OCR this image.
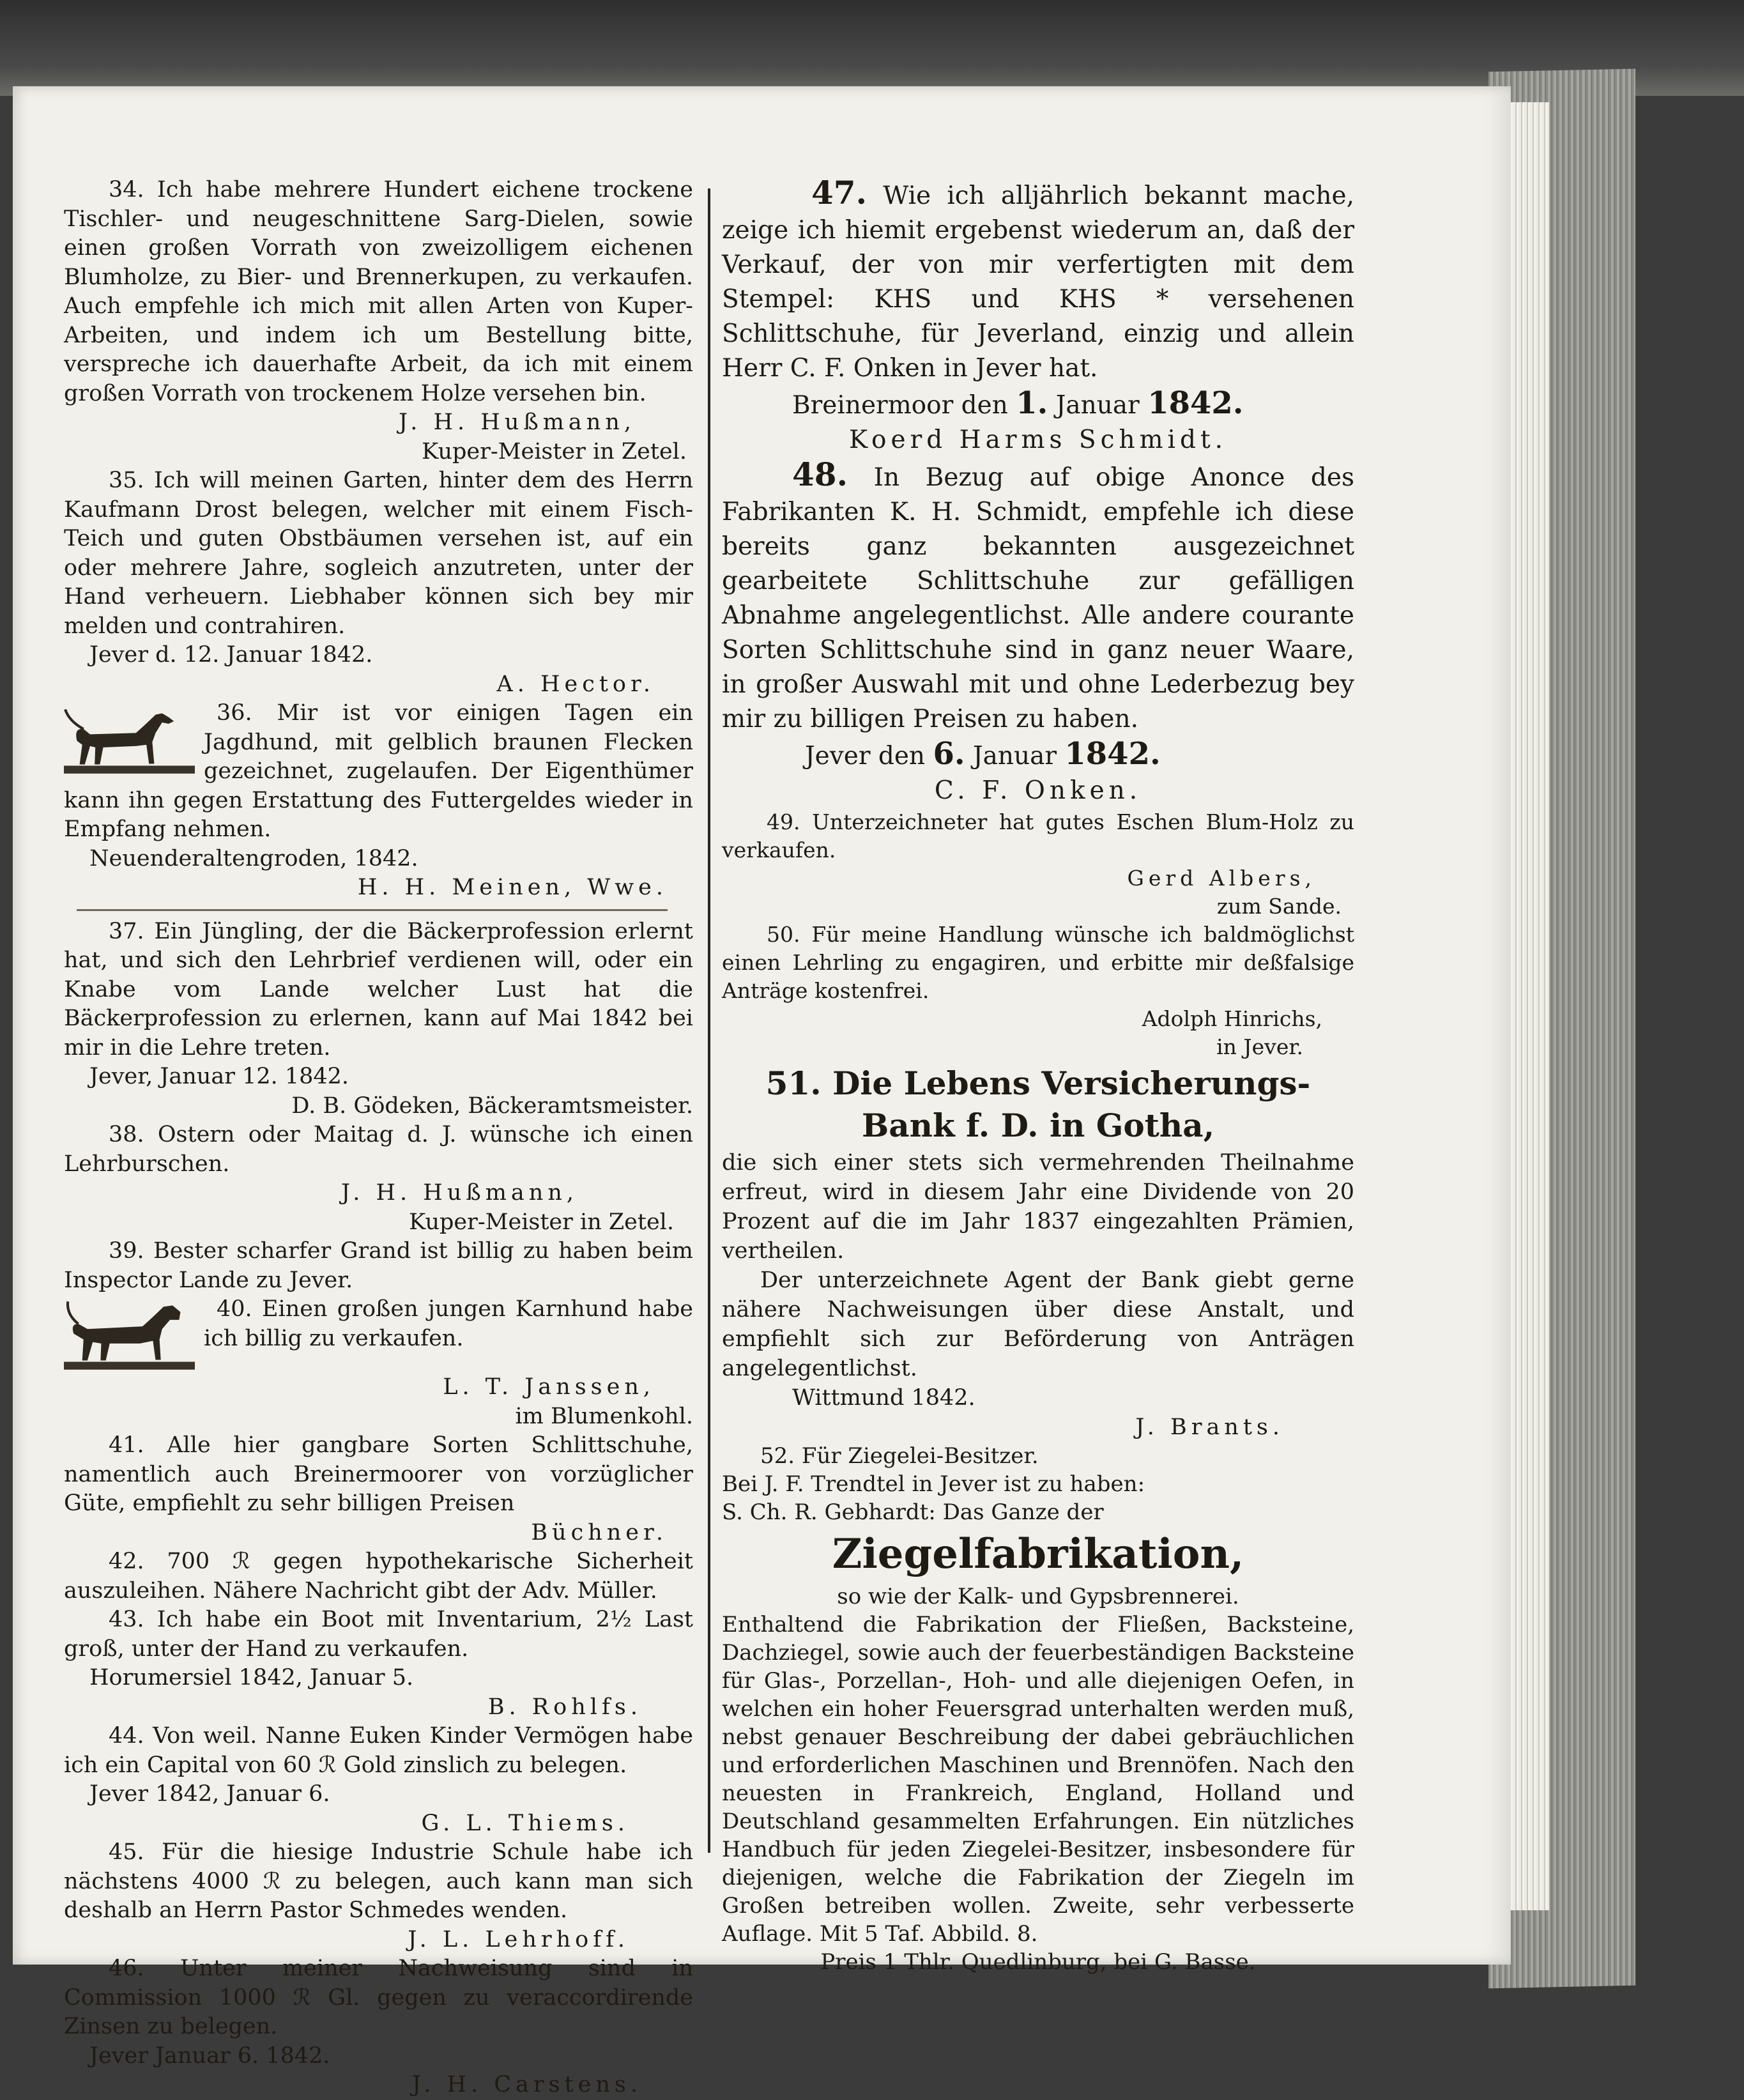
34. Ich habe mehrere Hundert eichene trockene Tischler- und neugeschnittene Sarg-Dielen, sowie einen großen Vorrath von zweizolligem eichenen Blumholze, zu Bier- und Brennerkupen, zu verkaufen. Auch empfehle ich mich mit allen Arten von Kuper-Arbeiten, und indem ich um Bestellung bitte, verspreche ich dauerhafte Arbeit, da ich mit einem großen Vorrath von trockenem Holze versehen bin.

J. H. Hußmann,

Kuper-Meister in Zetel.

35. Ich will meinen Garten, hinter dem des Herrn Kaufmann Drost belegen, welcher mit einem Fisch-Teich und guten Obstbäumen versehen ist, auf ein oder mehrere Jahre, sogleich anzutreten, unter der Hand verheuern. Liebhaber können sich bey mir melden und contrahiren.

Jever d. 12. Januar 1842.

A. Hector.

36. Mir ist vor einigen Tagen ein Jagdhund, mit gelblich braunen Flecken gezeichnet, zugelaufen. Der Eigenthümer kann ihn gegen Erstattung des Futtergeldes wieder in Empfang nehmen.

Neuenderaltengroden, 1842.

H. H. Meinen, Wwe.

37. Ein Jüngling, der die Bäckerprofession erlernt hat, und sich den Lehrbrief verdienen will, oder ein Knabe vom Lande welcher Lust hat die Bäckerprofession zu erlernen, kann auf Mai 1842 bei mir in die Lehre treten.

Jever, Januar 12. 1842.

D. B. Gödeken, Bäckeramtsmeister.

38. Ostern oder Maitag d. J. wünsche ich einen Lehrburschen.

J. H. Hußmann,

Kuper-Meister in Zetel.

39. Bester scharfer Grand ist billig zu haben beim Inspector Lande zu Jever.

40. Einen großen jungen Karnhund habe ich billig zu verkaufen.

L. T. Janssen,

im Blumenkohl.

41. Alle hier gangbare Sorten Schlittschuhe, namentlich auch Breinermoorer von vorzüglicher Güte, empfiehlt zu sehr billigen Preisen

Büchner.

42. 700 ℛ gegen hypothekarische Sicherheit auszuleihen. Nähere Nachricht gibt der Adv. Müller.

43. Ich habe ein Boot mit Inventarium, 2½ Last groß, unter der Hand zu verkaufen.

Horumersiel 1842, Januar 5.

B. Rohlfs.

44. Von weil. Nanne Euken Kinder Vermögen habe ich ein Capital von 60 ℛ Gold zinslich zu belegen.

Jever 1842, Januar 6.

G. L. Thiems.

45. Für die hiesige Industrie Schule habe ich nächstens 4000 ℛ zu belegen, auch kann man sich deshalb an Herrn Pastor Schmedes wenden.

J. L. Lehrhoff.

46. Unter meiner Nachweisung sind in Commission 1000 ℛ Gl. gegen zu veraccordirende Zinsen zu belegen.

Jever Januar 6. 1842.

J. H. Carstens.

47. Wie ich alljährlich bekannt mache, zeige ich hiemit ergebenst wiederum an, daß der Verkauf, der von mir verfertigten mit dem Stempel: KHS und KHS * versehenen Schlittschuhe, für Jeverland, einzig und allein Herr C. F. Onken in Jever hat.

Breinermoor den 1. Januar 1842.

Koerd Harms Schmidt.

48. In Bezug auf obige Anonce des Fabrikanten K. H. Schmidt, empfehle ich diese bereits ganz bekannten ausgezeichnet gearbeitete Schlittschuhe zur gefälligen Abnahme angelegentlichst. Alle andere courante Sorten Schlittschuhe sind in ganz neuer Waare, in großer Auswahl mit und ohne Lederbezug bey mir zu billigen Preisen zu haben.

Jever den 6. Januar 1842.

C. F. Onken.

49. Unterzeichneter hat gutes Eschen Blum-Holz zu verkaufen.

Gerd Albers,

zum Sande.

50. Für meine Handlung wünsche ich baldmöglichst einen Lehrling zu engagiren, und erbitte mir deßfalsige Anträge kostenfrei.

Adolph Hinrichs,

in Jever.

51. Die Lebens Versicherungs-

Bank f. D. in Gotha,

die sich einer stets sich vermehrenden Theilnahme erfreut, wird in diesem Jahr eine Dividende von 20 Prozent auf die im Jahr 1837 eingezahlten Prämien, vertheilen.

Der unterzeichnete Agent der Bank giebt gerne nähere Nachweisungen über diese Anstalt, und empfiehlt sich zur Beförderung von Anträgen angelegentlichst.

Wittmund 1842.

J. Brants.

52. Für Ziegelei-Besitzer.

Bei J. F. Trendtel in Jever ist zu haben:

S. Ch. R. Gebhardt: Das Ganze der

Ziegelfabrikation,

so wie der Kalk- und Gypsbrennerei.

Enthaltend die Fabrikation der Fließen, Backsteine, Dachziegel, sowie auch der feuerbeständigen Backsteine für Glas-, Porzellan-, Hoh- und alle diejenigen Oefen, in welchen ein hoher Feuersgrad unterhalten werden muß, nebst genauer Beschreibung der dabei gebräuchlichen und erforderlichen Maschinen und Brennöfen. Nach den neuesten in Frankreich, England, Holland und Deutschland gesammelten Erfahrungen. Ein nützliches Handbuch für jeden Ziegelei-Besitzer, insbesondere für diejenigen, welche die Fabrikation der Ziegeln im Großen betreiben wollen. Zweite, sehr verbesserte Auflage. Mit 5 Taf. Abbild. 8.

Preis 1 Thlr. Quedlinburg, bei G. Basse.
